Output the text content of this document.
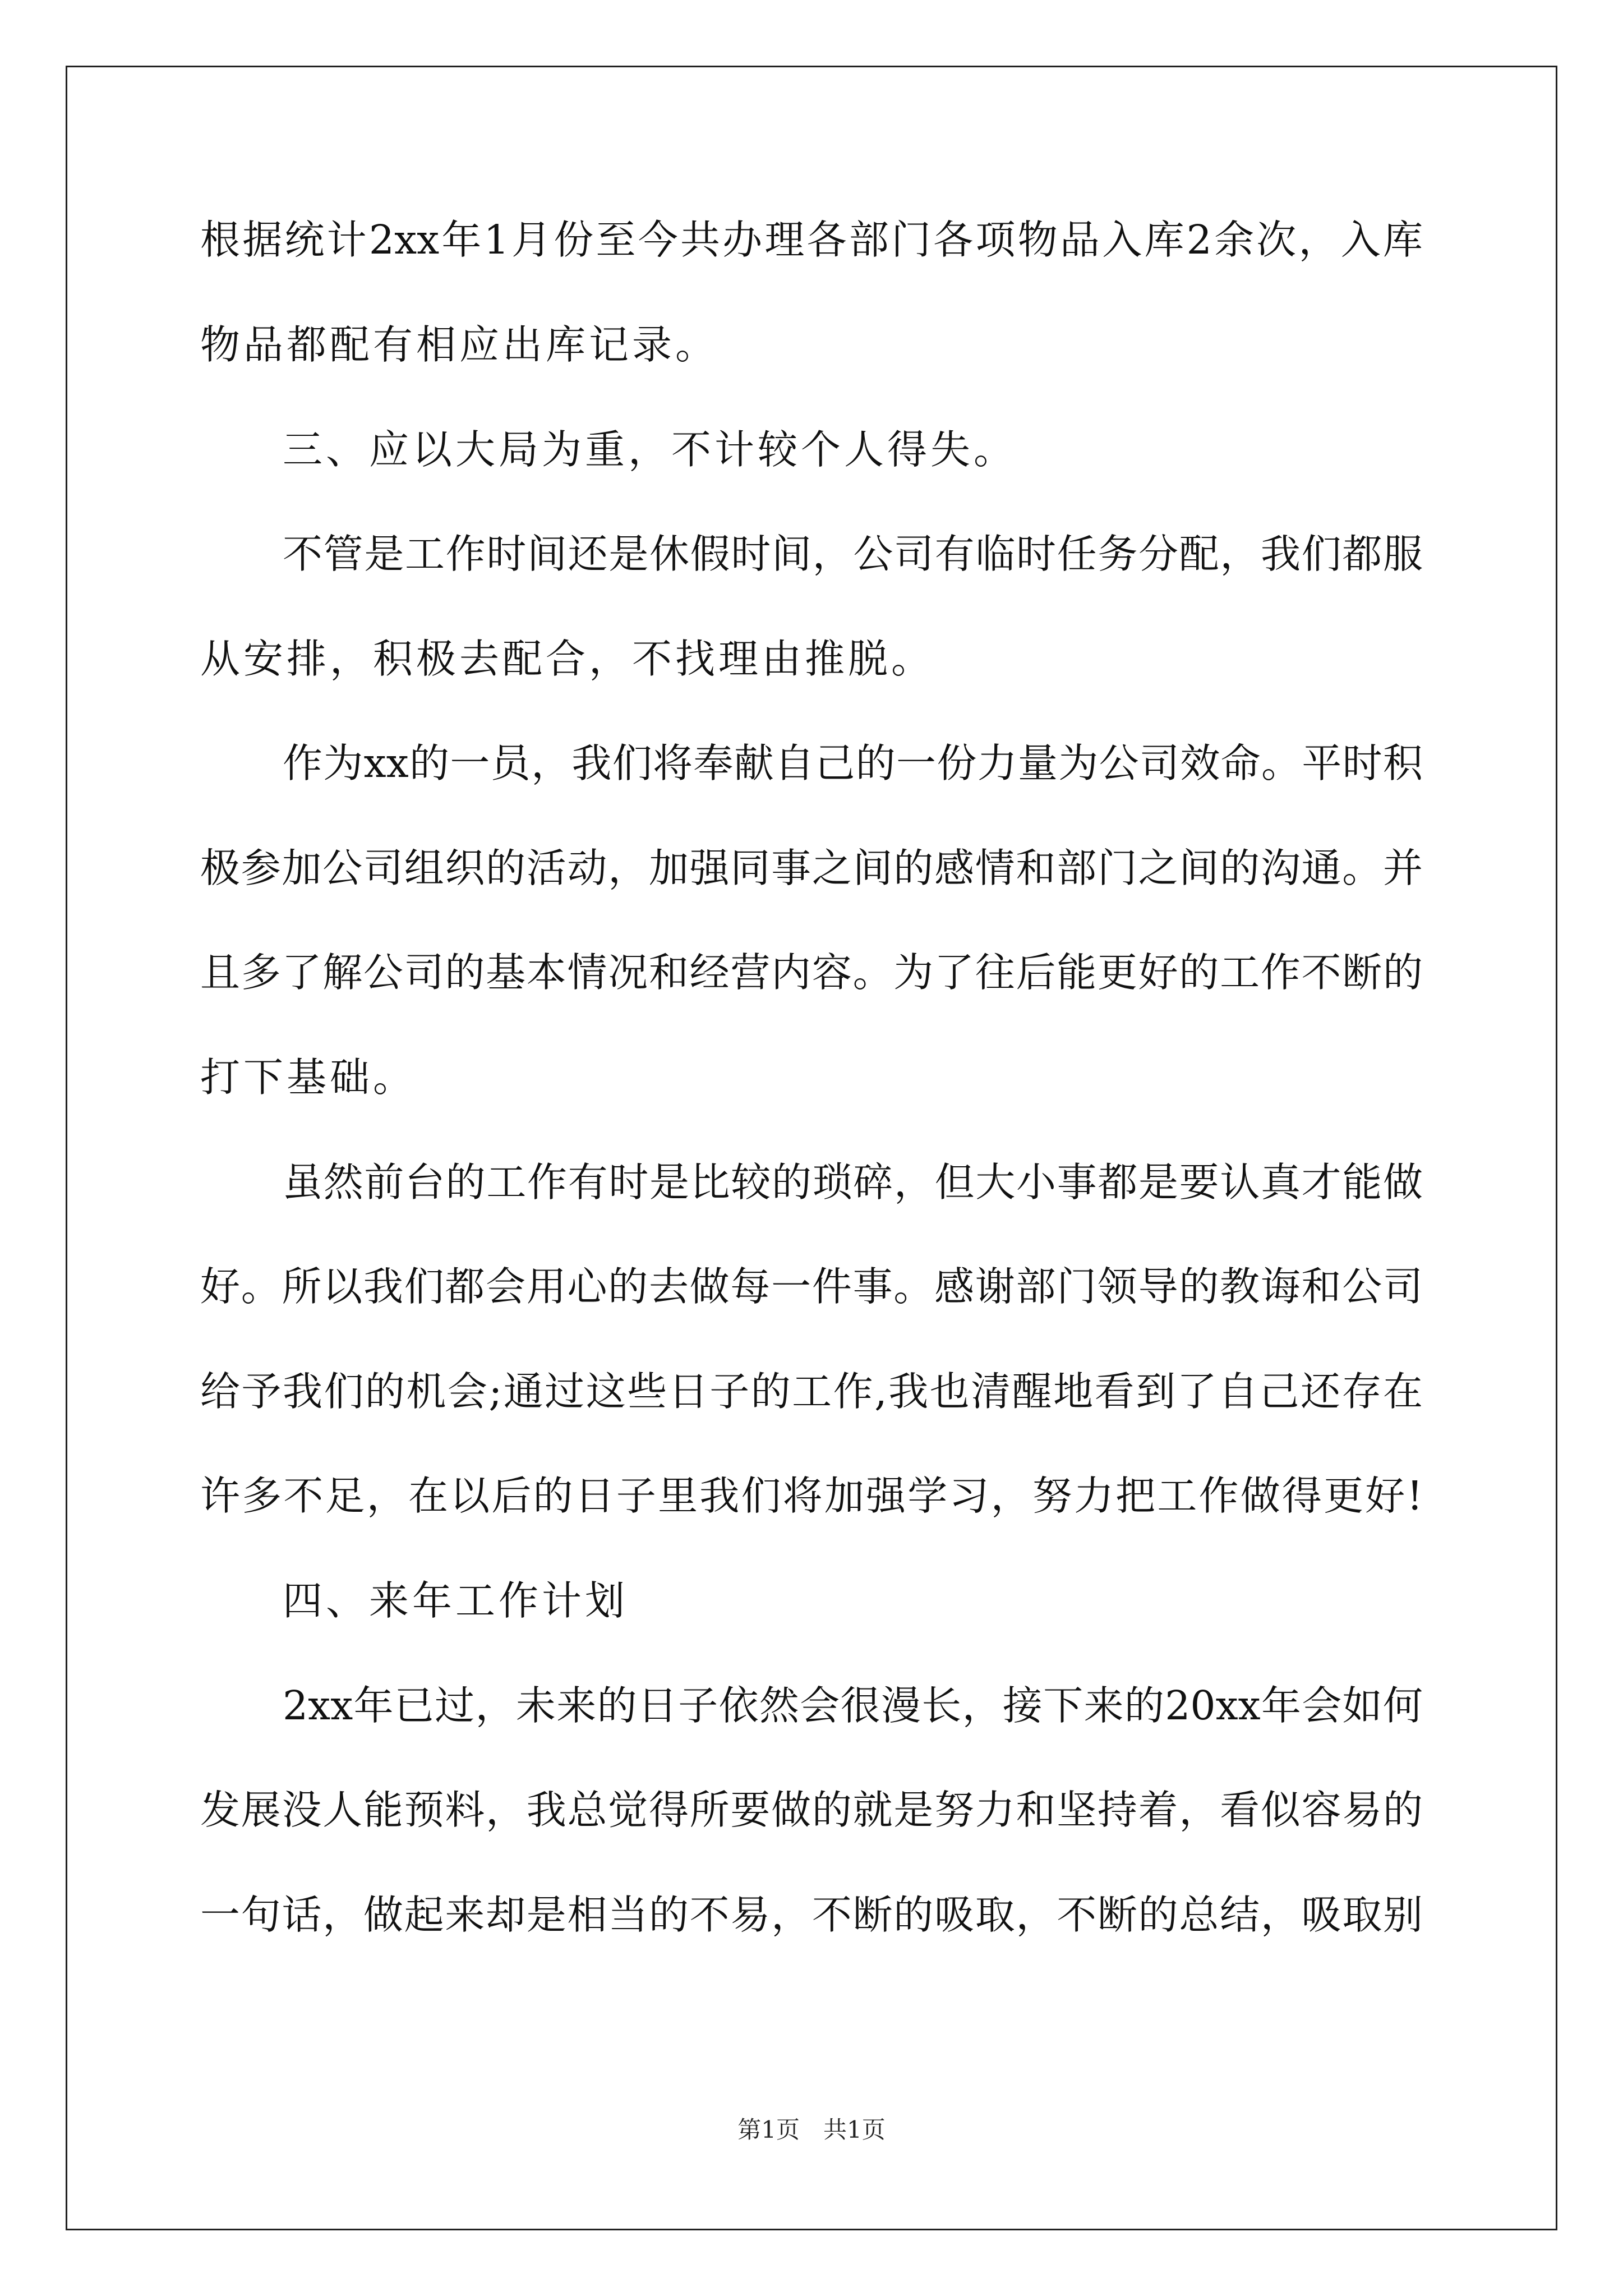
根据统计2xx年1月份至今共办理各部门各项物品入库2余次，入库
物品都配有相应出库记录。
三、应以大局为重，不计较个人得失。
不管是工作时间还是休假时间，公司有临时任务分配，我们都服
从安排，积极去配合，不找理由推脱。
作为xx的一员，我们将奉献自己的一份力量为公司效命。平时积
极参加公司组织的活动，加强同事之间的感情和部门之间的沟通。并
且多了解公司的基本情况和经营内容。为了往后能更好的工作不断的
打下基础。
虽然前台的工作有时是比较的琐碎，但大小事都是要认真才能做
好。所以我们都会用心的去做每一件事。感谢部门领导的教诲和公司
给予我们的机会;通过这些日子的工作,我也清醒地看到了自己还存在
许多不足，在以后的日子里我们将加强学习，努力把工作做得更好!
四、来年工作计划
2xx年已过，未来的日子依然会很漫长，接下来的20xx年会如何
发展没人能预料，我总觉得所要做的就是努力和坚持着，看似容易的
一句话，做起来却是相当的不易，不断的吸取，不断的总结，吸取别
第1页　共1页
